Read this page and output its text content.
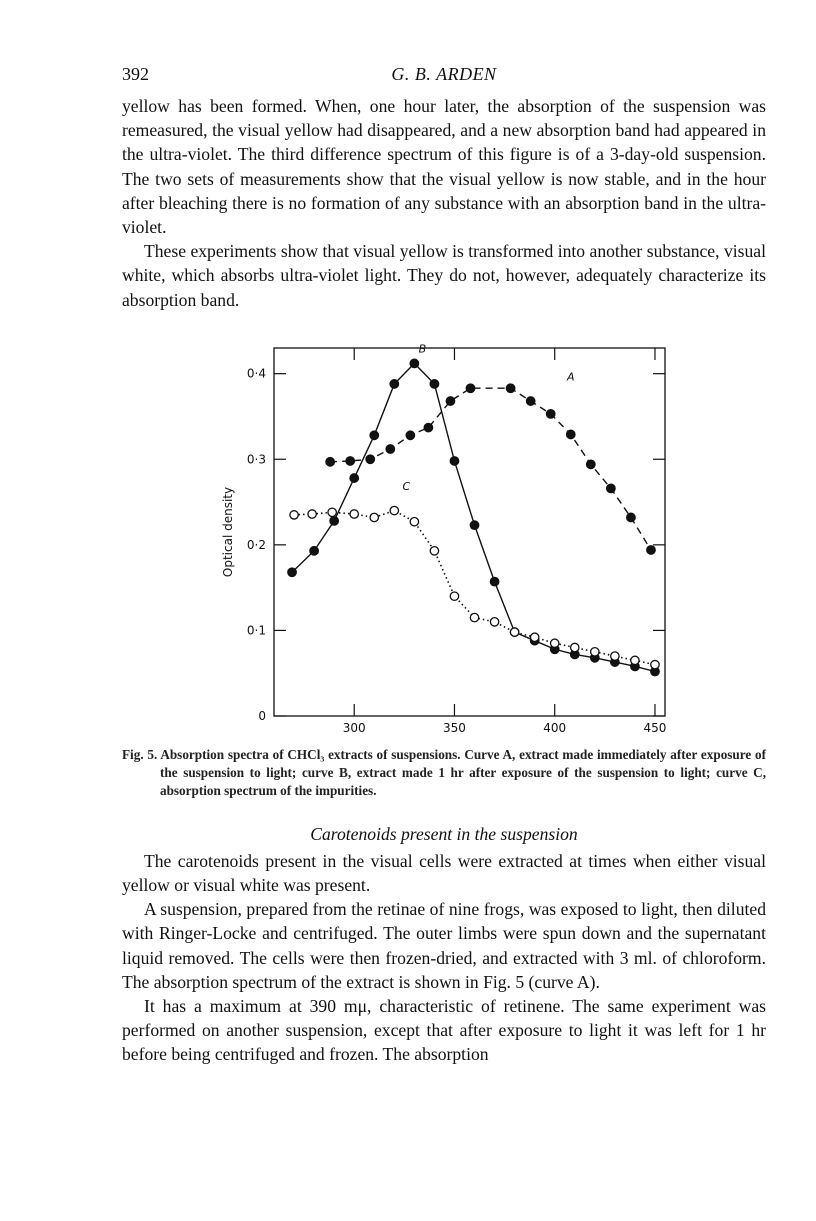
392	G. B. ARDEN

yellow has been formed. When, one hour later, the absorption of the suspension was remeasured, the visual yellow had disappeared, and a new absorption band had appeared in the ultra-violet. The third difference spectrum of this figure is of a 3-day-old suspension. The two sets of measurements show that the visual yellow is now stable, and in the hour after bleaching there is no formation of any substance with an absorption band in the ultra-violet.

These experiments show that visual yellow is transformed into another substance, visual white, which absorbs ultra-violet light. They do not, however, adequately characterize its absorption band.

0
0·1
0·2
0·3
0·4
300	350	400	450
Optical density
A
B
C

Fig. 5. Absorption spectra of CHCl₃ extracts of suspensions. Curve A, extract made immediately after exposure of the suspension to light; curve B, extract made 1 hr after exposure of the suspension to light; curve C, absorption spectrum of the impurities.

Carotenoids present in the suspension

The carotenoids present in the visual cells were extracted at times when either visual yellow or visual white was present.

A suspension, prepared from the retinae of nine frogs, was exposed to light, then diluted with Ringer-Locke and centrifuged. The outer limbs were spun down and the supernatant liquid removed. The cells were then frozen-dried, and extracted with 3 ml. of chloroform. The absorption spectrum of the extract is shown in Fig. 5 (curve A).

It has a maximum at 390 mμ, characteristic of retinene. The same experiment was performed on another suspension, except that after exposure to light it was left for 1 hr before being centrifuged and frozen. The absorption
